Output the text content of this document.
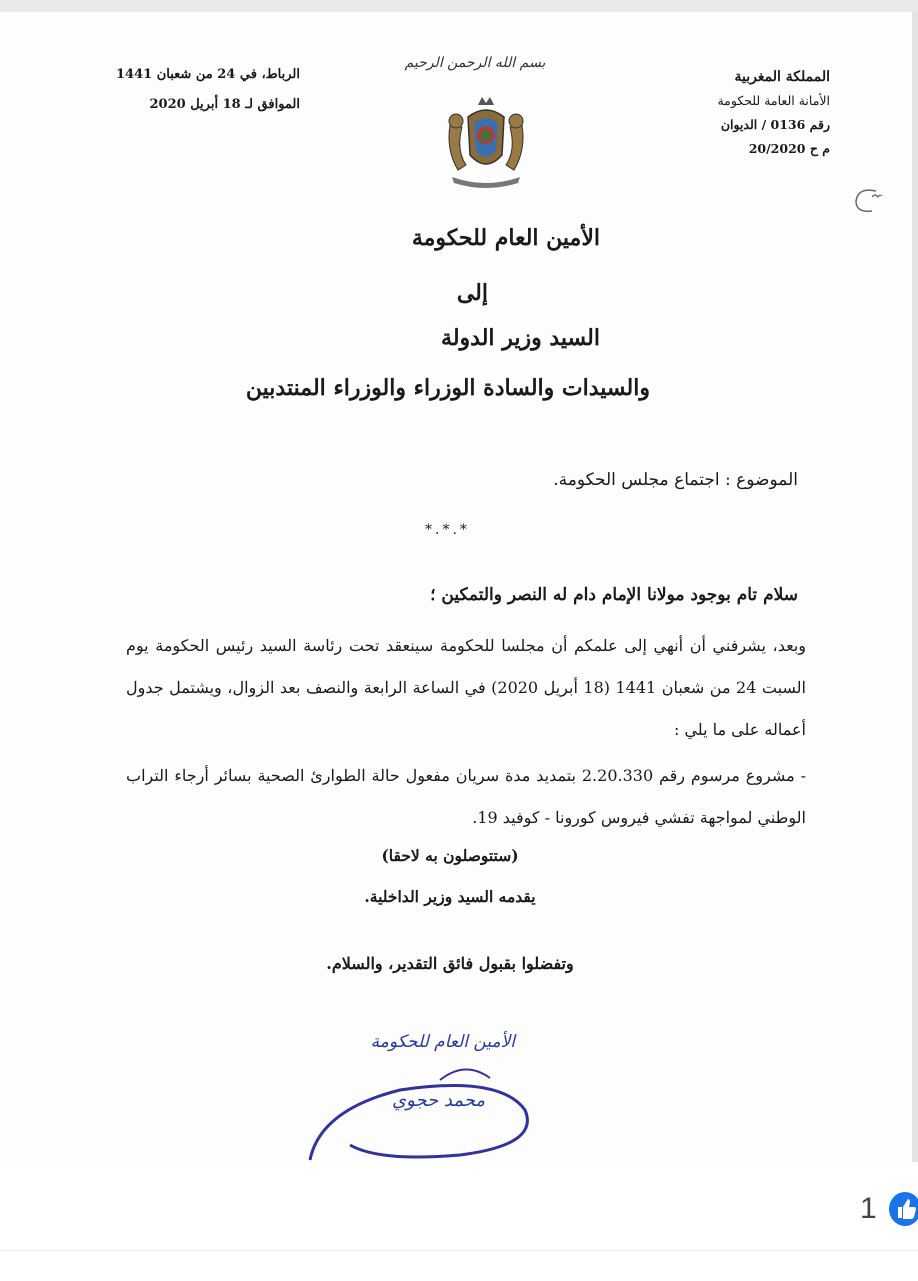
الرباط، في 24 من شعبان 1441
الموافق لـ 18 أبريل 2020
بسم الله الرحمن الرحيم
المملكة المغربية
الأمانة العامة للحكومة
رقم 0136 / الديوان
م ح 20/2020
الأمين العام للحكومة
إلى
السيد وزير الدولة
والسيدات والسادة الوزراء والوزراء المنتدبين
الموضوع : اجتماع مجلس الحكومة.
*.*.*
سلام تام بوجود مولانا الإمام دام له النصر والتمكين ؛
وبعد، يشرفني أن أنهي إلى علمكم أن مجلسا للحكومة سينعقد تحت رئاسة السيد رئيس الحكومة يوم السبت 24 من شعبان 1441 (18 أبريل 2020) في الساعة الرابعة والنصف بعد الزوال، ويشتمل جدول أعماله على ما يلي :
- مشروع مرسوم رقم 2.20.330 بتمديد مدة سريان مفعول حالة الطوارئ الصحية بسائر أرجاء التراب الوطني لمواجهة تفشي فيروس كورونا - كوفيد 19.
(ستتوصلون به لاحقا)
يقدمه السيد وزير الداخلية.
وتفضلوا بقبول فائق التقدير، والسلام.
الأمين العام للحكومة
محمد حجوي
1
